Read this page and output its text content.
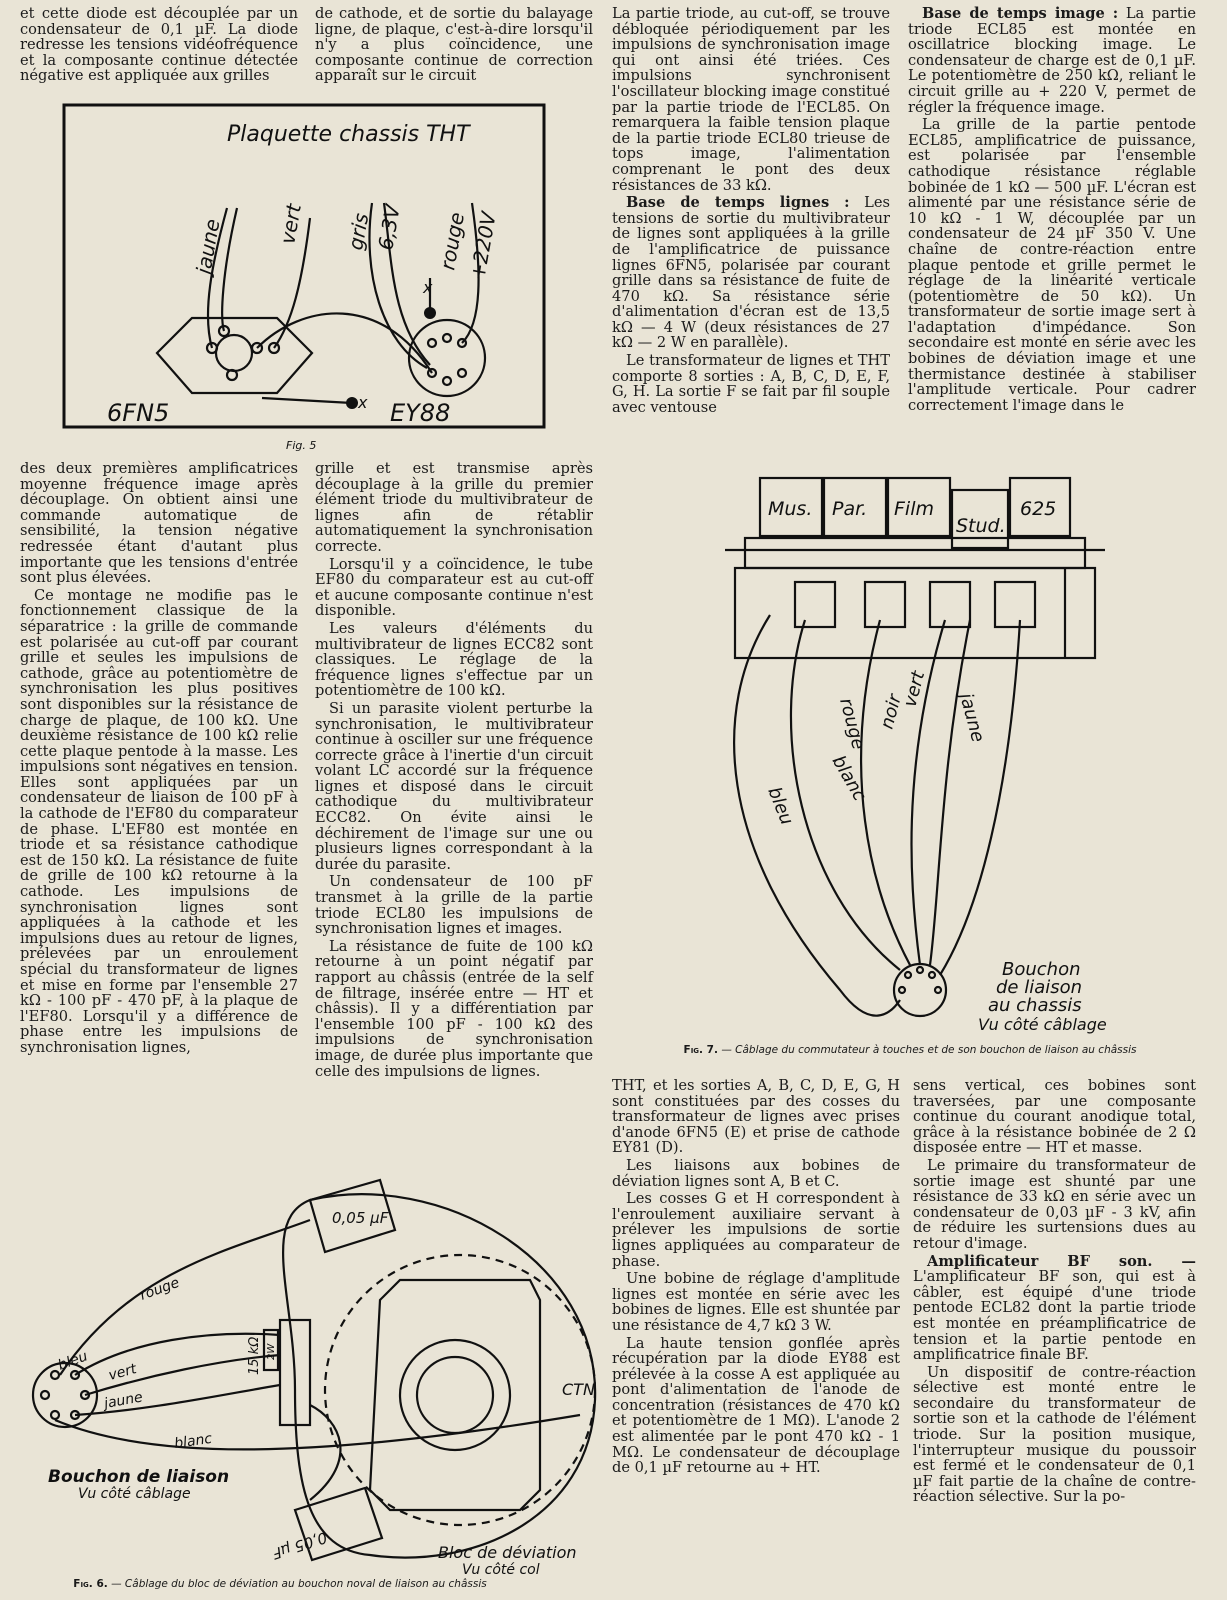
et cette diode est découplée par un condensateur de 0,1 µF. La diode redresse les tensions vidéofréquence et la composante continue détectée négative est appliquée aux grilles

de cathode, et de sortie du balayage ligne, de plaque, c'est-à-dire lorsqu'il n'y a plus coïncidence, une composante continue de correction apparaît sur le circuit

Plaquette chassis THT
x
x
jaune	vert gris 6,3V rouge
+220V
6FN5	EY88
Fig. 5

des deux premières amplificatrices moyenne fréquence image après découplage. On obtient ainsi une commande automatique de sensibilité, la tension négative redressée étant d'autant plus importante que les tensions d'entrée sont plus élevées.

Ce montage ne modifie pas le fonctionnement classique de la séparatrice : la grille de commande est polarisée au cut-off par courant grille et seules les impulsions de cathode, grâce au potentiomètre de synchronisation les plus positives sont disponibles sur la résistance de charge de plaque, de 100 kΩ. Une deuxième résistance de 100 kΩ relie cette plaque pentode à la masse. Les impulsions sont négatives en tension. Elles sont appliquées par un condensateur de liaison de 100 pF à la cathode de l'EF80 du comparateur de phase. L'EF80 est montée en triode et sa résistance cathodique est de 150 kΩ. La résistance de fuite de grille de 100 kΩ retourne à la cathode. Les impulsions de synchronisation lignes sont appliquées à la cathode et les impulsions dues au retour de lignes, prélevées par un enroulement spécial du transformateur de lignes et mise en forme par l'ensemble 27 kΩ - 100 pF - 470 pF, à la plaque de l'EF80. Lorsqu'il y a différence de phase entre les impulsions de synchronisation lignes,

grille et est transmise après découplage à la grille du premier élément triode du multivibrateur de lignes afin de rétablir automatiquement la synchronisation correcte.

Lorsqu'il y a coïncidence, le tube EF80 du comparateur est au cut-off et aucune composante continue n'est disponible.

Les valeurs d'éléments du multivibrateur de lignes ECC82 sont classiques. Le réglage de la fréquence lignes s'effectue par un potentiomètre de 100 kΩ.

Si un parasite violent perturbe la synchronisation, le multivibrateur continue à osciller sur une fréquence correcte grâce à l'inertie d'un circuit volant LC accordé sur la fréquence lignes et disposé dans le circuit cathodique du multivibrateur ECC82. On évite ainsi le déchirement de l'image sur une ou plusieurs lignes correspondant à la durée du parasite.

Un condensateur de 100 pF transmet à la grille de la partie triode ECL80 les impulsions de synchronisation lignes et images.

La résistance de fuite de 100 kΩ retourne à un point négatif par rapport au châssis (entrée de la self de filtrage, insérée entre — HT et châssis). Il y a différentiation par l'ensemble 100 pF - 100 kΩ des impulsions de synchronisation image, de durée plus importante que celle des impulsions de lignes.

0,05 µF
0,05 µF
15 kΩ 2W
rouge
bleu vert
jaune
blanc
CTN
Bouchon de liaison
Vu côté câblage
Bloc de déviation
Vu côté col
Fig. 6. — Câblage du bloc de déviation au bouchon noval de liaison au châssis

La partie triode, au cut-off, se trouve débloquée périodiquement par les impulsions de synchronisation image qui ont ainsi été triées. Ces impulsions synchronisent l'oscillateur blocking image constitué par la partie triode de l'ECL85. On remarquera la faible tension plaque de la partie triode ECL80 trieuse de tops image, l'alimentation comprenant le pont des deux résistances de 33 kΩ.

Base de temps lignes : Les tensions de sortie du multivibrateur de lignes sont appliquées à la grille de l'amplificatrice de puissance lignes 6FN5, polarisée par courant grille dans sa résistance de fuite de 470 kΩ. Sa résistance série d'alimentation d'écran est de 13,5 kΩ — 4 W (deux résistances de 27 kΩ — 2 W en parallèle).

Le transformateur de lignes et THT comporte 8 sorties : A, B, C, D, E, F, G, H. La sortie F se fait par fil souple avec ventouse

Base de temps image : La partie triode ECL85 est montée en oscillatrice blocking image. Le condensateur de charge est de 0,1 µF. Le potentiomètre de 250 kΩ, reliant le circuit grille au + 220 V, permet de régler la fréquence image.

La grille de la partie pentode ECL85, amplificatrice de puissance, est polarisée par l'ensemble cathodique résistance réglable bobinée de 1 kΩ — 500 µF. L'écran est alimenté par une résistance série de 10 kΩ - 1 W, découplée par un condensateur de 24 µF 350 V. Une chaîne de contre-réaction entre plaque pentode et grille permet le réglage de la linéarité verticale (potentiomètre de 50 kΩ). Un transformateur de sortie image sert à l'adaptation d'impédance. Son secondaire est monté en série avec les bobines de déviation image et une thermistance destinée à stabiliser l'amplitude verticale. Pour cadrer correctement l'image dans le

Mus. Par. Film
Stud.
625
bleu
blanc
rouge noir
vert
jaune
Bouchon
de liaison
au chassis
Vu côté câblage
Fig. 7. — Câblage du commutateur à touches et de son bouchon de liaison au châssis

THT, et les sorties A, B, C, D, E, G, H sont constituées par des cosses du transformateur de lignes avec prises d'anode 6FN5 (E) et prise de cathode EY81 (D).

Les liaisons aux bobines de déviation lignes sont A, B et C.

Les cosses G et H correspondent à l'enroulement auxiliaire servant à prélever les impulsions de sortie lignes appliquées au comparateur de phase.

Une bobine de réglage d'amplitude lignes est montée en série avec les bobines de lignes. Elle est shuntée par une résistance de 4,7 kΩ 3 W.

La haute tension gonflée après récupération par la diode EY88 est prélevée à la cosse A est appliquée au pont d'alimentation de l'anode de concentration (résistances de 470 kΩ et potentiomètre de 1 MΩ). L'anode 2 est alimentée par le pont 470 kΩ - 1 MΩ. Le condensateur de découplage de 0,1 µF retourne au + HT.

sens vertical, ces bobines sont traversées, par une composante continue du courant anodique total, grâce à la résistance bobinée de 2 Ω disposée entre — HT et masse.

Le primaire du transformateur de sortie image est shunté par une résistance de 33 kΩ en série avec un condensateur de 0,03 µF - 3 kV, afin de réduire les surtensions dues au retour d'image.

Amplificateur BF son. — L'amplificateur BF son, qui est à câbler, est équipé d'une triode pentode ECL82 dont la partie triode est montée en préamplificatrice de tension et la partie pentode en amplificatrice finale BF.

Un dispositif de contre-réaction sélective est monté entre le secondaire du transformateur de sortie son et la cathode de l'élément triode. Sur la position musique, l'interrupteur musique du poussoir est fermé et le condensateur de 0,1 µF fait partie de la chaîne de contre-réaction sélective. Sur la po-
